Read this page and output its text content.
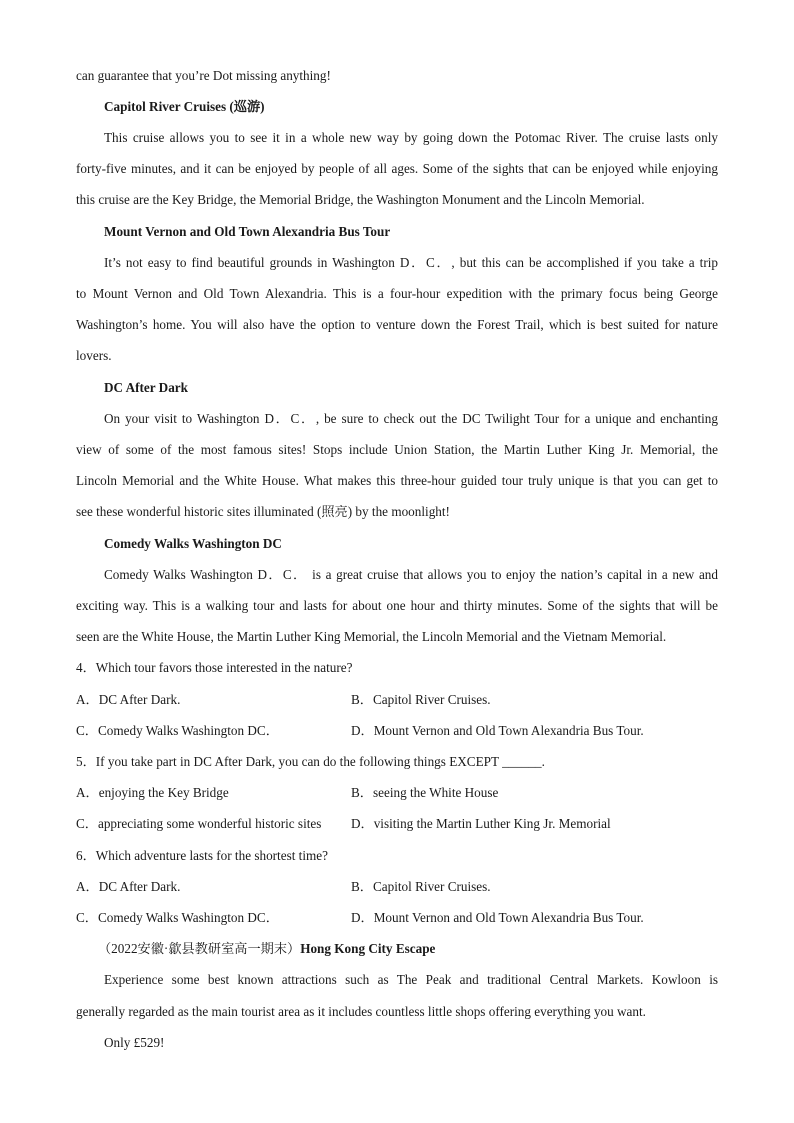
can guarantee that you’re Dot missing anything!
Capitol River Cruises (巡游)
This cruise allows you to see it in a whole new way by going down the Potomac River. The cruise lasts only
forty-five minutes, and it can be enjoyed by people of all ages. Some of the sights that can be enjoyed while enjoying
this cruise are the Key Bridge, the Memorial Bridge, the Washington Monument and the Lincoln Memorial.
Mount Vernon and Old Town Alexandria Bus Tour
It’s not easy to find beautiful grounds in Washington D．C．, but this can be accomplished if you take a trip
to Mount Vernon and Old Town Alexandria. This is a four-hour expedition with the primary focus being George
Washington’s home. You will also have the option to venture down the Forest Trail, which is best suited for nature
lovers.
DC After Dark
On your visit to Washington D．C．, be sure to check out the DC Twilight Tour for a unique and enchanting
view of some of the most famous sites! Stops include Union Station, the Martin Luther King Jr. Memorial, the
Lincoln Memorial and the White House. What makes this three-hour guided tour truly unique is that you can get to
see these wonderful historic sites illuminated (照亮) by the moonlight!
Comedy Walks Washington DC
Comedy Walks Washington D．C． is a great cruise that allows you to enjoy the nation’s capital in a new and
exciting way. This is a walking tour and lasts for about one hour and thirty minutes. Some of the sights that will be
seen are the White House, the Martin Luther King Memorial, the Lincoln Memorial and the Vietnam Memorial.
4．Which tour favors those interested in the nature?
A．DC After Dark.	B．Capitol River Cruises.
C．Comedy Walks Washington DC．	D．Mount Vernon and Old Town Alexandria Bus Tour.
5．If you take part in DC After Dark, you can do the following things EXCEPT ______.
A．enjoying the Key Bridge	B．seeing the White House
C．appreciating some wonderful historic sites D．visiting the Martin Luther King Jr. Memorial
6．Which adventure lasts for the shortest time?
A．DC After Dark.	B．Capitol River Cruises.
C．Comedy Walks Washington DC．	D．Mount Vernon and Old Town Alexandria Bus Tour.
（2022安徽·歙县教研室高一期末）Hong Kong City Escape
Experience some best known attractions such as The Peak and traditional Central Markets. Kowloon is
generally regarded as the main tourist area as it includes countless little shops offering everything you want.
Only £529!
